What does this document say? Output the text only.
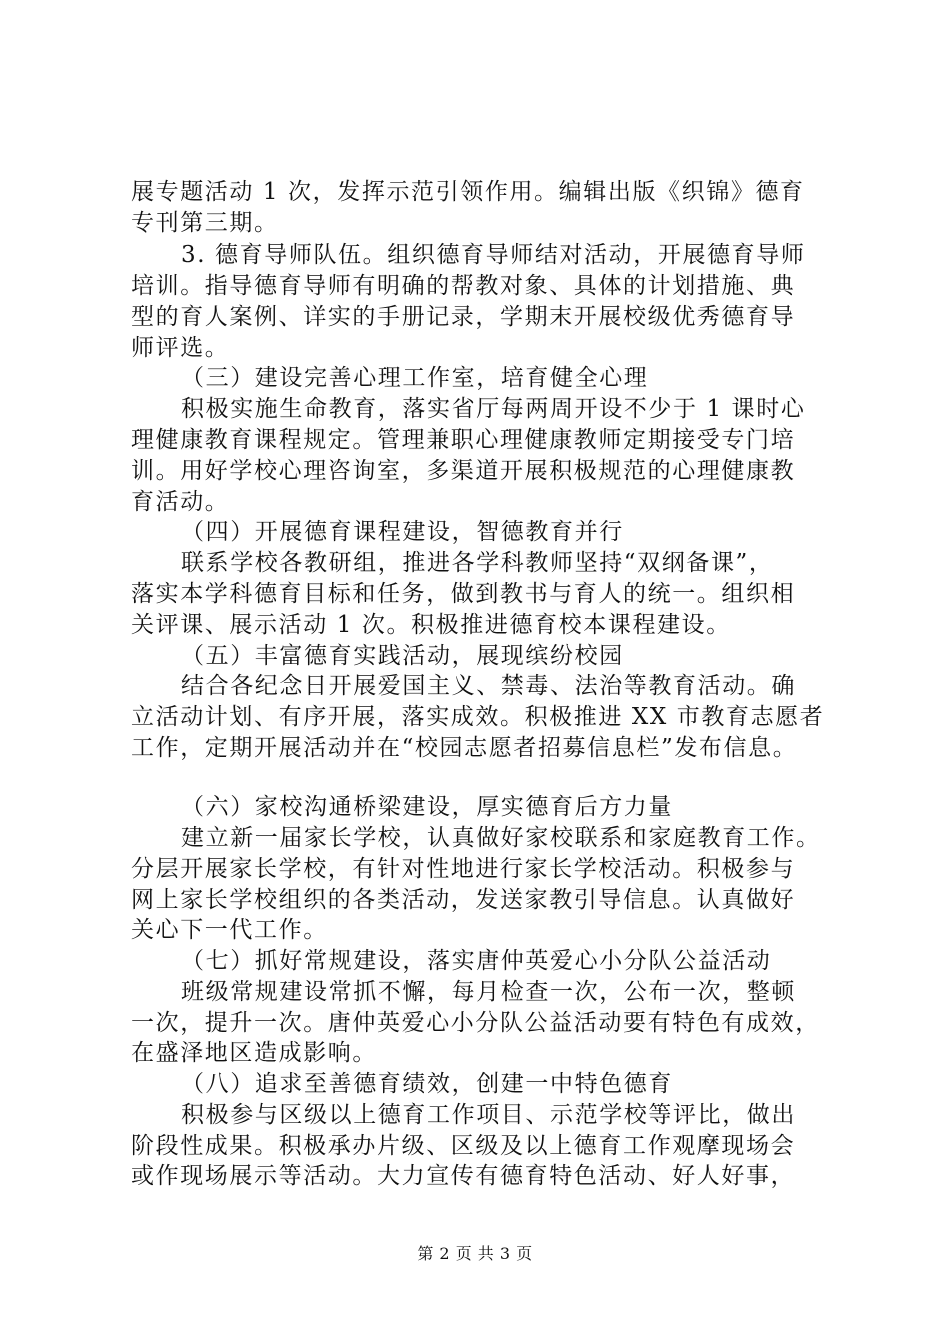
展专题活动 1 次，发挥示范引领作用。编辑出版《织锦》德育
专刊第三期。
3. 德育导师队伍。组织德育导师结对活动，开展德育导师
培训。指导德育导师有明确的帮教对象、具体的计划措施、典
型的育人案例、详实的手册记录，学期末开展校级优秀德育导
师评选。
（三）建设完善心理工作室，培育健全心理
积极实施生命教育，落实省厅每两周开设不少于 1 课时心
理健康教育课程规定。管理兼职心理健康教师定期接受专门培
训。用好学校心理咨询室，多渠道开展积极规范的心理健康教
育活动。
（四）开展德育课程建设，智德教育并行
联系学校各教研组，推进各学科教师坚持“双纲备课”，
落实本学科德育目标和任务，做到教书与育人的统一。组织相
关评课、展示活动 1 次。积极推进德育校本课程建设。
（五）丰富德育实践活动，展现缤纷校园
结合各纪念日开展爱国主义、禁毒、法治等教育活动。确
立活动计划、有序开展，落实成效。积极推进 XX 市教育志愿者
工作，定期开展活动并在“校园志愿者招募信息栏”发布信息。
（六）家校沟通桥梁建设，厚实德育后方力量
建立新一届家长学校，认真做好家校联系和家庭教育工作。
分层开展家长学校，有针对性地进行家长学校活动。积极参与
网上家长学校组织的各类活动，发送家教引导信息。认真做好
关心下一代工作。
（七）抓好常规建设，落实唐仲英爱心小分队公益活动
班级常规建设常抓不懈，每月检查一次，公布一次，整顿
一次，提升一次。唐仲英爱心小分队公益活动要有特色有成效，
在盛泽地区造成影响。
（八）追求至善德育绩效，创建一中特色德育
积极参与区级以上德育工作项目、示范学校等评比，做出
阶段性成果。积极承办片级、区级及以上德育工作观摩现场会
或作现场展示等活动。大力宣传有德育特色活动、好人好事，
第 2 页 共 3 页
